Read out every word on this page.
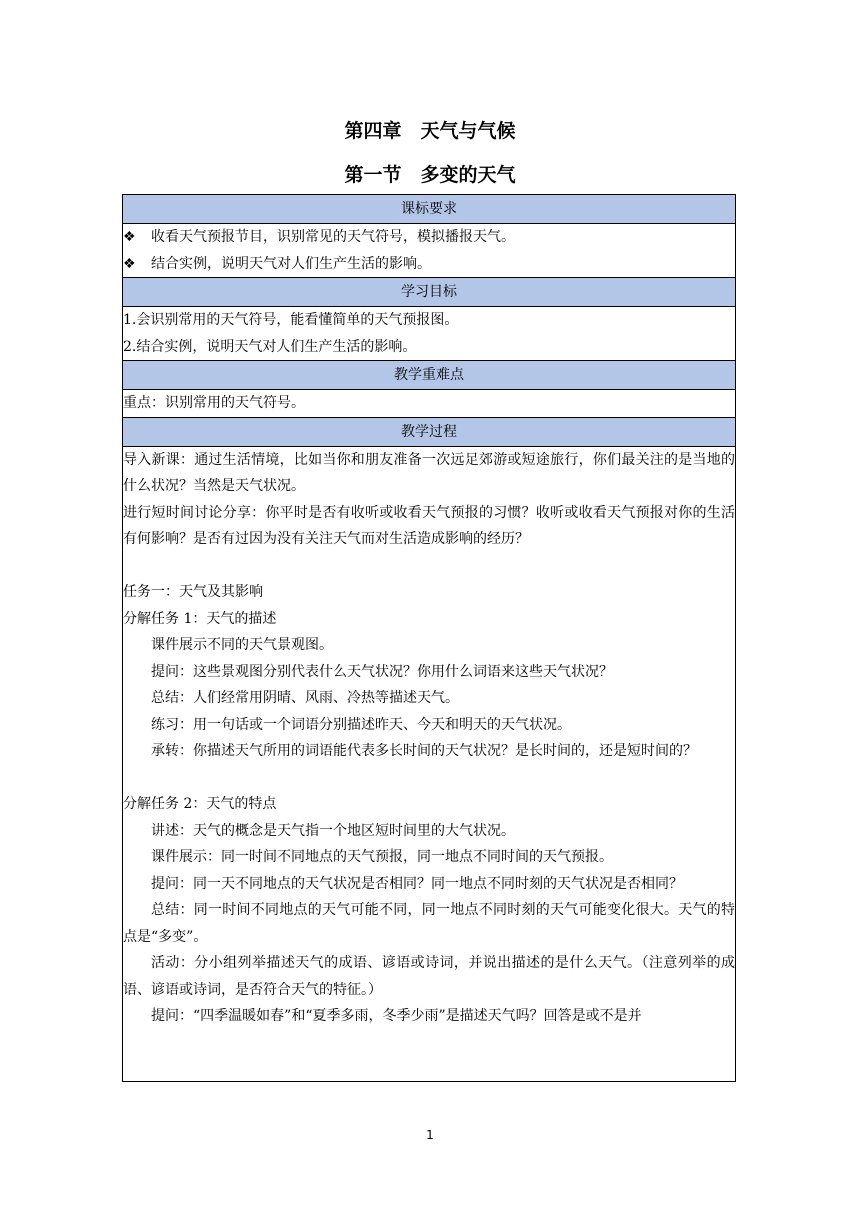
第四章　天气与气候
第一节　多变的天气
课标要求

❖ 收看天气预报节目，识别常见的天气符号，模拟播报天气。
❖ 结合实例，说明天气对人们生产生活的影响。

学习目标

1.会识别常用的天气符号，能看懂简单的天气预报图。
2.结合实例，说明天气对人们生产生活的影响。

教学重难点

重点：识别常用的天气符号。

教学过程

导入新课：通过生活情境，比如当你和朋友准备一次远足郊游或短途旅行，你们最关注的是当地的什么状况？当然是天气状况。
进行短时间讨论分享：你平时是否有收听或收看天气预报的习惯？收听或收看天气预报对你的生活有何影响？是否有过因为没有关注天气而对生活造成影响的经历？
任务一：天气及其影响
分解任务 1：天气的描述
课件展示不同的天气景观图。
提问：这些景观图分别代表什么天气状况？你用什么词语来这些天气状况？
总结：人们经常用阴晴、风雨、冷热等描述天气。
练习：用一句话或一个词语分别描述昨天、今天和明天的天气状况。
承转：你描述天气所用的词语能代表多长时间的天气状况？是长时间的，还是短时间的？
分解任务 2：天气的特点
讲述：天气的概念是天气指一个地区短时间里的大气状况。
课件展示：同一时间不同地点的天气预报，同一地点不同时间的天气预报。
提问：同一天不同地点的天气状况是否相同？同一地点不同时刻的天气状况是否相同？
总结：同一时间不同地点的天气可能不同，同一地点不同时刻的天气可能变化很大。天气的特点是“多变”。
活动：分小组列举描述天气的成语、谚语或诗词，并说出描述的是什么天气。（注意列举的成语、谚语或诗词，是否符合天气的特征。）
提问：“四季温暖如春”和“夏季多雨，冬季少雨”是描述天气吗？回答是或不是并
1
